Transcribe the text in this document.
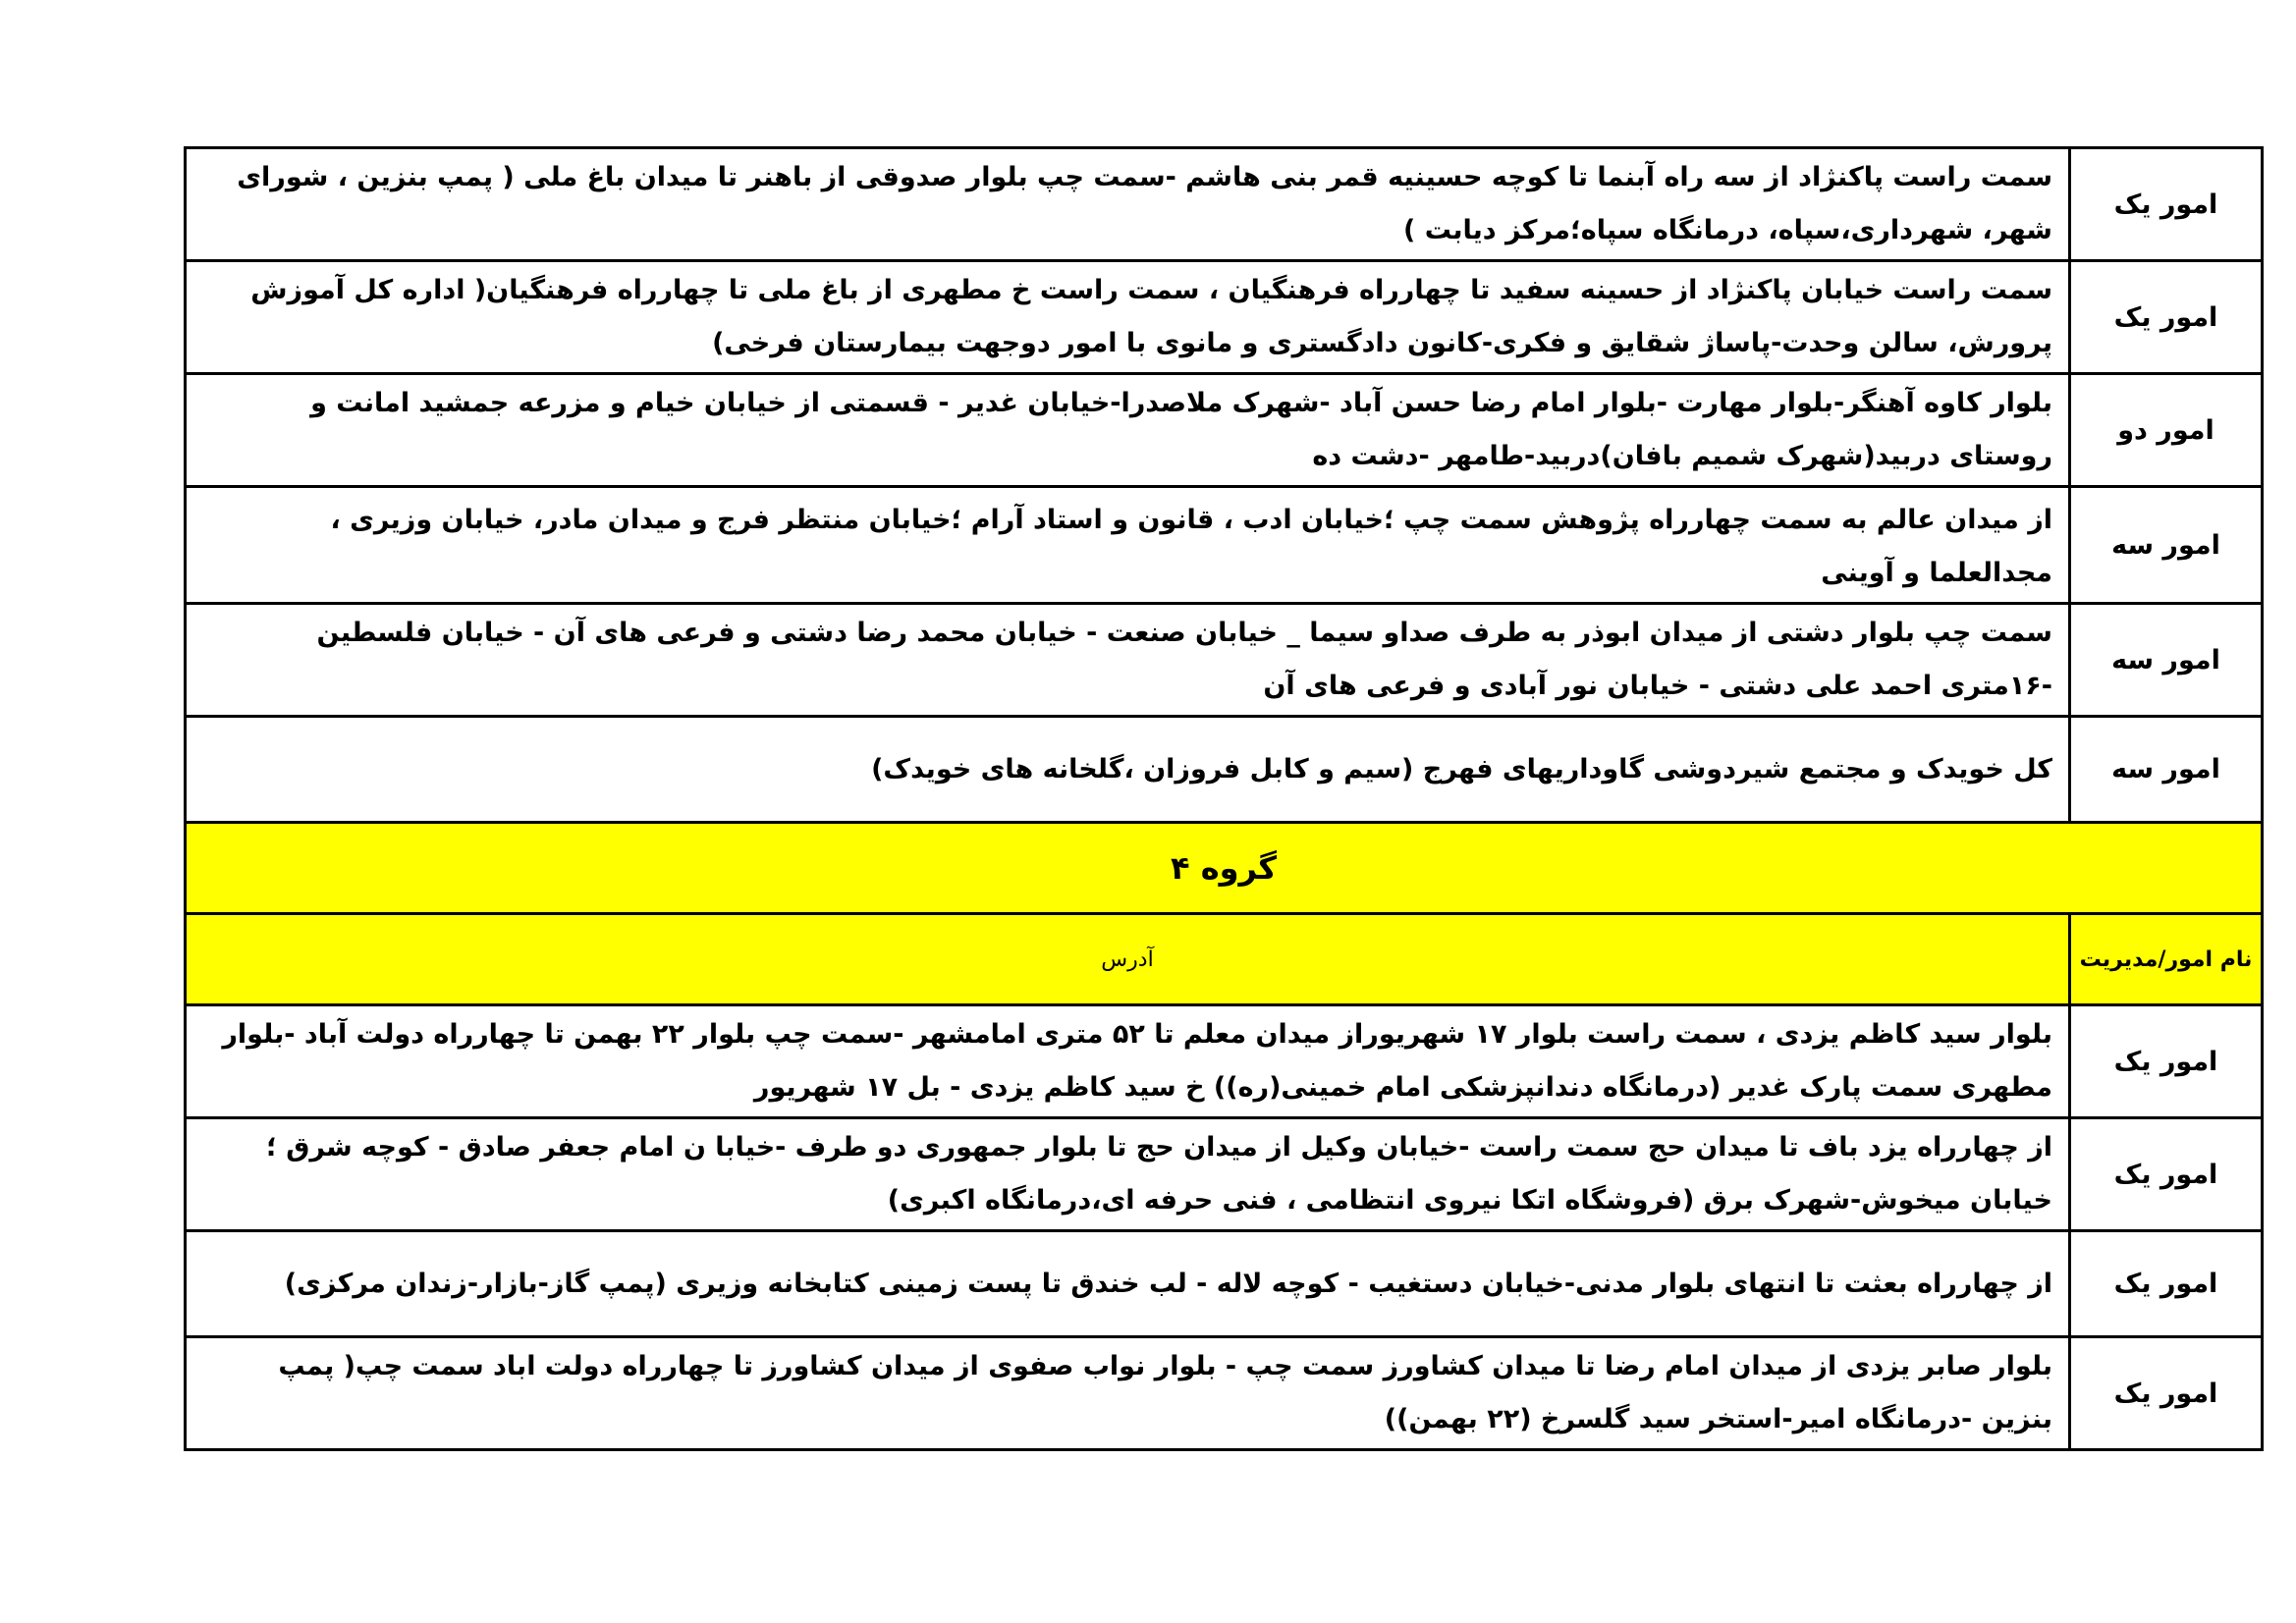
امور یک	سمت راست پاکنژاد از سه راه آبنما تا کوچه حسینیه قمر بنی هاشم -سمت چپ بلوار صدوقی از باهنر تا میدان باغ ملی ( پمپ بنزین ، شورای شهر، شهرداری،سپاه، درمانگاه سپاه؛مرکز دیابت )
امور یک	سمت راست خیابان پاکنژاد از حسینه سفید تا چهارراه فرهنگیان ، سمت راست خ مطهری از باغ ملی تا چهارراه فرهنگیان( اداره کل آموزش پرورش، سالن وحدت-پاساژ شقایق و فکری-کانون دادگستری و مانوی با امور دوجهت بیمارستان فرخی)
امور دو	بلوار کاوه آهنگر-بلوار مهارت -بلوار امام رضا حسن آباد -شهرک ملاصدرا-خیابان غدیر - قسمتی از خیابان خیام و مزرعه جمشید امانت و روستای دربید(شهرک شمیم بافان)دربید-طامهر -دشت ده
امور سه	از میدان عالم به سمت چهارراه پژوهش سمت چپ ؛خیابان ادب ، قانون و استاد آرام ؛خیابان منتظر فرج و میدان مادر، خیابان وزیری ، مجدالعلما و آوینی
امور سه	سمت چپ بلوار دشتی از میدان ابوذر به طرف صداو سیما _ خیابان صنعت - خیابان محمد رضا دشتی و فرعی های آن - خیابان فلسطین -۱۶متری احمد علی دشتی - خیابان نور آبادی و فرعی های آن
امور سه	کل خویدک و مجتمع شیردوشی گاوداریهای فهرج (سیم و کابل فروزان ،گلخانه های خویدک)
گروه ۴	
نام امور/مدیریت	آدرس
امور یک	بلوار سید کاظم یزدی ، سمت راست بلوار ۱۷ شهریوراز میدان معلم تا ۵۲ متری امامشهر -سمت چپ بلوار ۲۲ بهمن تا چهارراه دولت آباد -بلوار مطهری سمت پارک غدیر (درمانگاه دندانپزشکی امام خمینی(ره)) خ سید کاظم یزدی - بل ۱۷ شهریور
امور یک	از چهارراه یزد باف تا میدان حج سمت راست -خیابان وکیل از میدان حج تا بلوار جمهوری دو طرف -خیابا ن امام جعفر صادق - کوچه شرق ؛خیابان میخوش-شهرک برق (فروشگاه اتکا نیروی انتظامی ، فنی حرفه ای،درمانگاه اکبری)
امور یک	از چهارراه بعثت تا انتهای بلوار مدنی-خیابان دستغیب - کوچه لاله - لب خندق تا پست زمینی کتابخانه وزیری (پمپ گاز-بازار-زندان مرکزی)
امور یک	بلوار صابر یزدی از میدان امام رضا تا میدان کشاورز سمت چپ - بلوار نواب صفوی از میدان کشاورز تا چهارراه دولت اباد سمت چپ( پمپ بنزین -درمانگاه امیر-استخر سید گلسرخ (۲۲ بهمن))
